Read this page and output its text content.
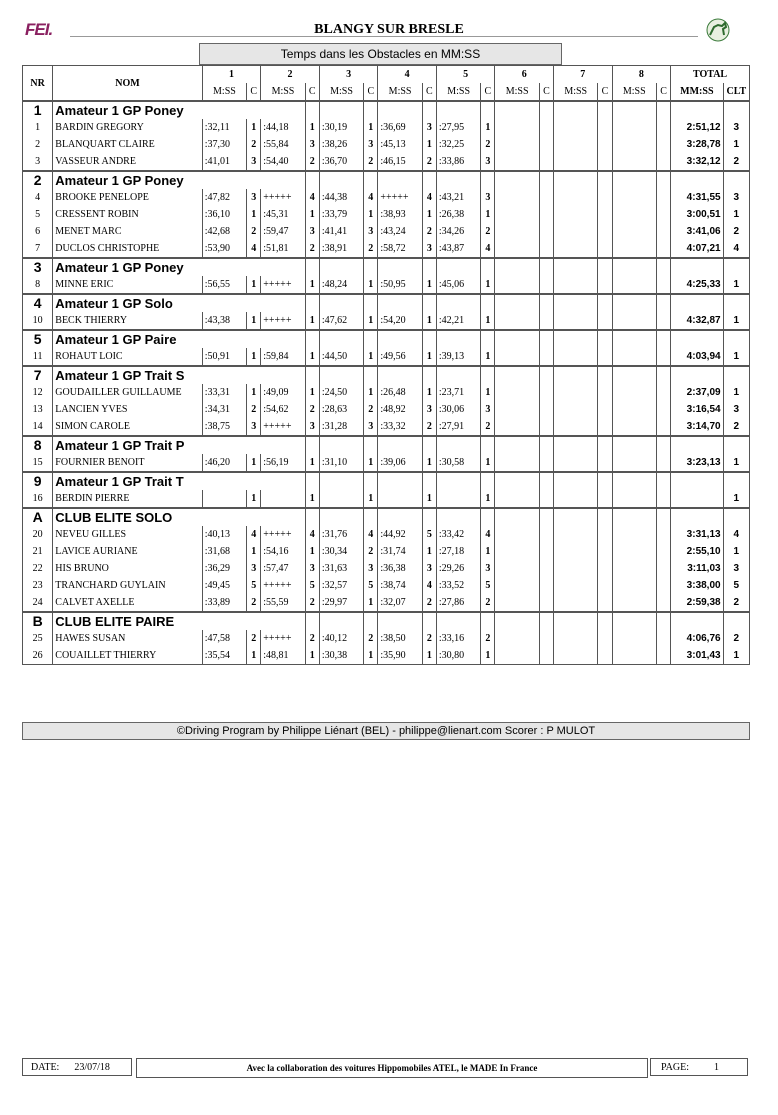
FEI.	BLANGY SUR BRESLE
Temps dans les Obstacles en MM:SS
NR	NOM	1		2		3		4		5		6		7		8		TOTAL	
		M:SS	C	M:SS	C	M:SS	C	M:SS	C	M:SS	C	M:SS	C	M:SS	C	M:SS	C	MM:SS	CLT
1	Amateur 1 GP Poney																		
1	BARDIN GREGORY	:32,11	1	:44,18	1	:30,19	1	:36,69	3	:27,95	1							2:51,12	3
2	BLANQUART CLAIRE	:37,30	2	:55,84	3	:38,26	3	:45,13	1	:32,25	2							3:28,78	1
3	VASSEUR ANDRE	:41,01	3	:54,40	2	:36,70	2	:46,15	2	:33,86	3							3:32,12	2
2	Amateur 1 GP Poney																		
4	BROOKE PENELOPE	:47,82	3	+++++	4	:44,38	4	+++++	4	:43,21	3							4:31,55	3
5	CRESSENT ROBIN	:36,10	1	:45,31	1	:33,79	1	:38,93	1	:26,38	1							3:00,51	1
6	MENET MARC	:42,68	2	:59,47	3	:41,41	3	:43,24	2	:34,26	2							3:41,06	2
7	DUCLOS CHRISTOPHE	:53,90	4	:51,81	2	:38,91	2	:58,72	3	:43,87	4							4:07,21	4
3	Amateur 1 GP Poney																		
8	MINNE ERIC	:56,55	1	+++++	1	:48,24	1	:50,95	1	:45,06	1							4:25,33	1
4	Amateur 1 GP Solo																		
10	BECK THIERRY	:43,38	1	+++++	1	:47,62	1	:54,20	1	:42,21	1							4:32,87	1
5	Amateur 1 GP Paire																		
11	ROHAUT LOIC	:50,91	1	:59,84	1	:44,50	1	:49,56	1	:39,13	1							4:03,94	1
7	Amateur 1 GP Trait S																		
12	GOUDAILLER GUILLAUME	:33,31	1	:49,09	1	:24,50	1	:26,48	1	:23,71	1							2:37,09	1
13	LANCIEN YVES	:34,31	2	:54,62	2	:28,63	2	:48,92	3	:30,06	3							3:16,54	3
14	SIMON CAROLE	:38,75	3	+++++	3	:31,28	3	:33,32	2	:27,91	2							3:14,70	2
8	Amateur 1 GP Trait P																		
15	FOURNIER BENOIT	:46,20	1	:56,19	1	:31,10	1	:39,06	1	:30,58	1							3:23,13	1
9	Amateur 1 GP Trait T																		
16	BERDIN PIERRE		1		1		1		1		1								1
A	CLUB ELITE SOLO																		
20	NEVEU GILLES	:40,13	4	+++++	4	:31,76	4	:44,92	5	:33,42	4							3:31,13	4
21	LAVICE AURIANE	:31,68	1	:54,16	1	:30,34	2	:31,74	1	:27,18	1							2:55,10	1
22	HIS BRUNO	:36,29	3	:57,47	3	:31,63	3	:36,38	3	:29,26	3							3:11,03	3
23	TRANCHARD GUYLAIN	:49,45	5	+++++	5	:32,57	5	:38,74	4	:33,52	5							3:38,00	5
24	CALVET AXELLE	:33,89	2	:55,59	2	:29,97	1	:32,07	2	:27,86	2							2:59,38	2
B	CLUB ELITE PAIRE																		
25	HAWES SUSAN	:47,58	2	+++++	2	:40,12	2	:38,50	2	:33,16	2							4:06,76	2
26	COUAILLET THIERRY	:35,54	1	:48,81	1	:30,38	1	:35,90	1	:30,80	1							3:01,43	1
©Driving Program by Philippe Liénart (BEL) - philippe@lienart.com Scorer : P MULOT
DATE: 23/07/18	Avec la collaboration des voitures Hippomobiles ATEL, le MADE In France	PAGE:	1
